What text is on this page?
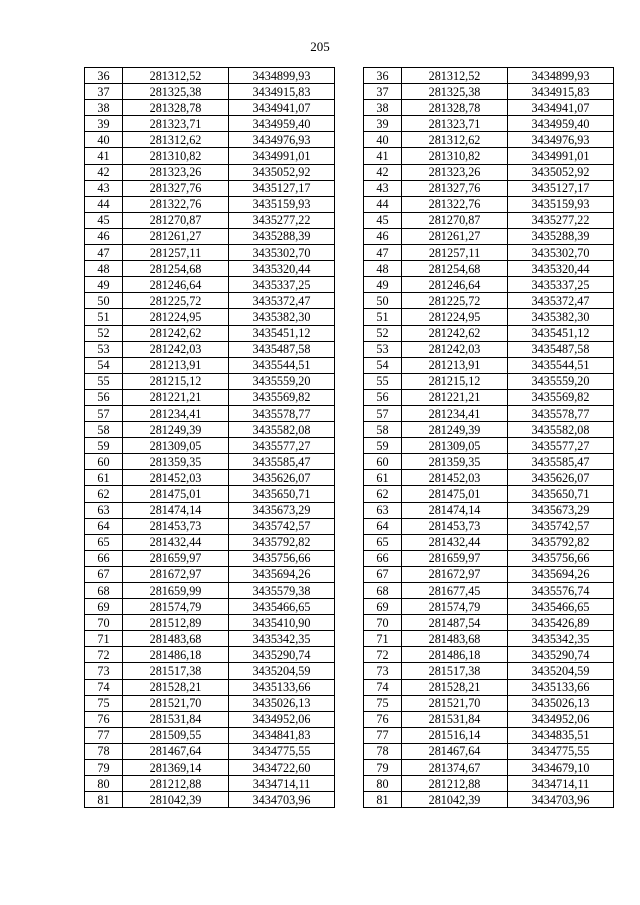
205
36	281312,52	3434899,93
37	281325,38	3434915,83
38	281328,78	3434941,07
39	281323,71	3434959,40
40	281312,62	3434976,93
41	281310,82	3434991,01
42	281323,26	3435052,92
43	281327,76	3435127,17
44	281322,76	3435159,93
45	281270,87	3435277,22
46	281261,27	3435288,39
47	281257,11	3435302,70
48	281254,68	3435320,44
49	281246,64	3435337,25
50	281225,72	3435372,47
51	281224,95	3435382,30
52	281242,62	3435451,12
53	281242,03	3435487,58
54	281213,91	3435544,51
55	281215,12	3435559,20
56	281221,21	3435569,82
57	281234,41	3435578,77
58	281249,39	3435582,08
59	281309,05	3435577,27
60	281359,35	3435585,47
61	281452,03	3435626,07
62	281475,01	3435650,71
63	281474,14	3435673,29
64	281453,73	3435742,57
65	281432,44	3435792,82
66	281659,97	3435756,66
67	281672,97	3435694,26
68	281659,99	3435579,38
69	281574,79	3435466,65
70	281512,89	3435410,90
71	281483,68	3435342,35
72	281486,18	3435290,74
73	281517,38	3435204,59
74	281528,21	3435133,66
75	281521,70	3435026,13
76	281531,84	3434952,06
77	281509,55	3434841,83
78	281467,64	3434775,55
79	281369,14	3434722,60
80	281212,88	3434714,11
81	281042,39	3434703,96
36	281312,52	3434899,93
37	281325,38	3434915,83
38	281328,78	3434941,07
39	281323,71	3434959,40
40	281312,62	3434976,93
41	281310,82	3434991,01
42	281323,26	3435052,92
43	281327,76	3435127,17
44	281322,76	3435159,93
45	281270,87	3435277,22
46	281261,27	3435288,39
47	281257,11	3435302,70
48	281254,68	3435320,44
49	281246,64	3435337,25
50	281225,72	3435372,47
51	281224,95	3435382,30
52	281242,62	3435451,12
53	281242,03	3435487,58
54	281213,91	3435544,51
55	281215,12	3435559,20
56	281221,21	3435569,82
57	281234,41	3435578,77
58	281249,39	3435582,08
59	281309,05	3435577,27
60	281359,35	3435585,47
61	281452,03	3435626,07
62	281475,01	3435650,71
63	281474,14	3435673,29
64	281453,73	3435742,57
65	281432,44	3435792,82
66	281659,97	3435756,66
67	281672,97	3435694,26
68	281677,45	3435576,74
69	281574,79	3435466,65
70	281487,54	3435426,89
71	281483,68	3435342,35
72	281486,18	3435290,74
73	281517,38	3435204,59
74	281528,21	3435133,66
75	281521,70	3435026,13
76	281531,84	3434952,06
77	281516,14	3434835,51
78	281467,64	3434775,55
79	281374,67	3434679,10
80	281212,88	3434714,11
81	281042,39	3434703,96
